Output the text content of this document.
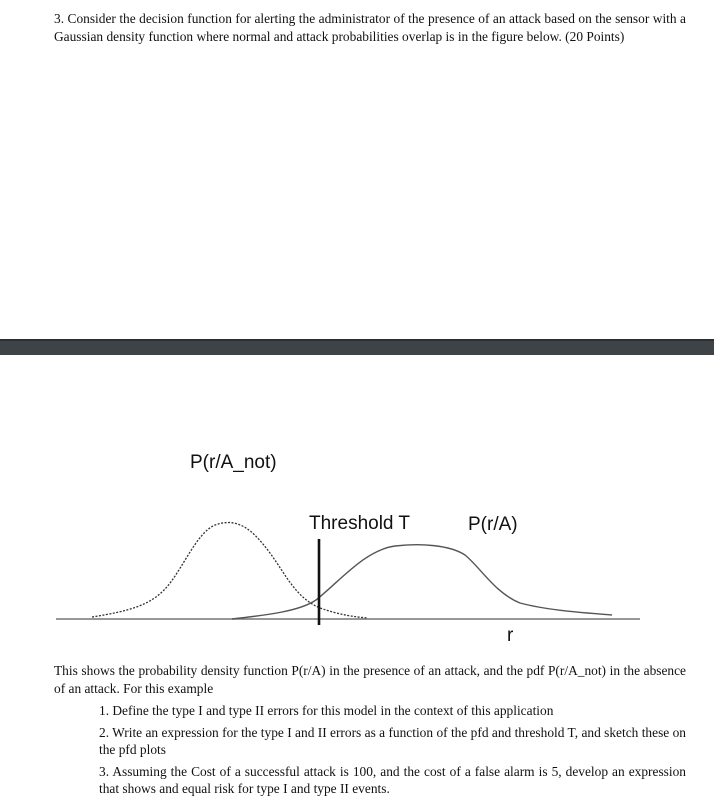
3. Consider the decision function for alerting the administrator of the presence of an attack based on the sensor with a Gaussian density function where normal and attack probabilities overlap is in the figure below. (20 Points)
P(r/A_not)
Threshold T	P(r/A)
r
This shows the probability density function P(r/A) in the presence of an attack, and the pdf P(r/A_not) in the absence of an attack. For this example
1. Define the type I and type II errors for this model in the context of this application
2. Write an expression for the type I and II errors as a function of the pfd and threshold T, and sketch these on the pfd plots
3. Assuming the Cost of a successful attack is 100, and the cost of a false alarm is 5, develop an expression that shows and equal risk for type I and type II events.
